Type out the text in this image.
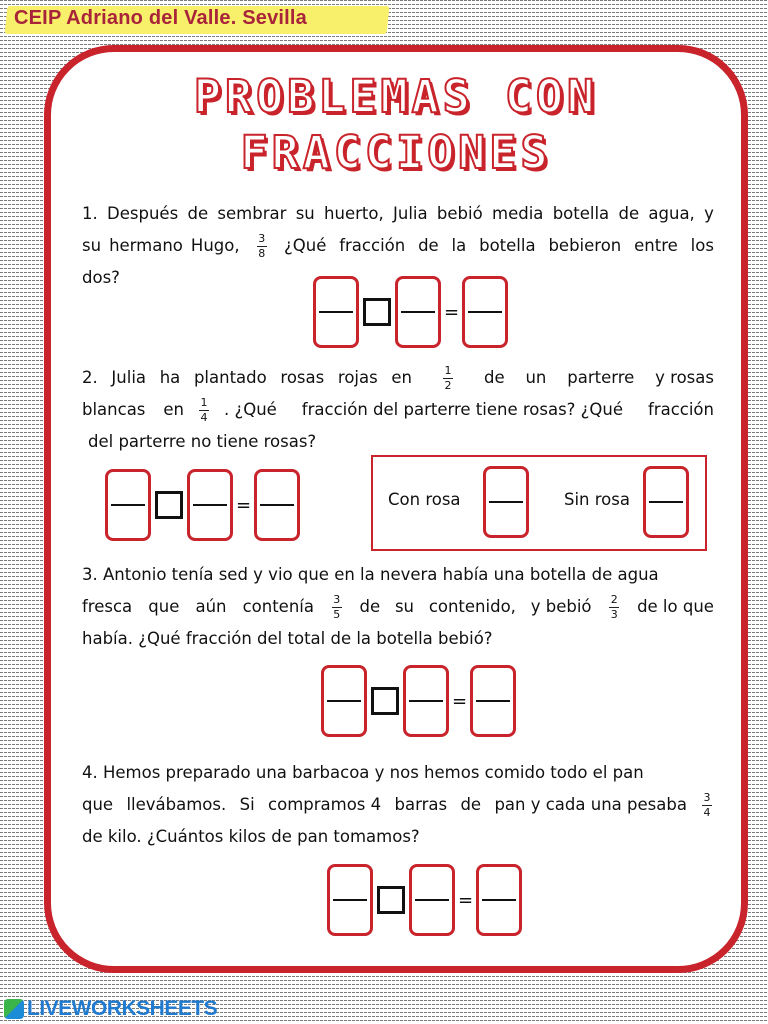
CEIP Adriano del Valle. Sevilla
PROBLEMAS CON
FRACCIONES
1. Después de sembrar su huerto, Julia bebió media botella de agua, y
su hermano Hugo, $\frac{3}{8}$ ¿Qué fracción de la botella bebieron entre los
dos?
=
2. Julia ha plantado rosas rojas en	$\frac{1}{2}$ de un parterre y rosas
blancas en $\frac{1}{4}$ . ¿Qué fracción del parterre tiene rosas? ¿Qué fracción
del parterre no tiene rosas?
=	Con rosa	Sin rosa
3. Antonio tenía sed y vio que en la nevera había una botella de agua
fresca que aún contenía $\frac{3}{5}$ de su contenido, y bebió $\frac{2}{3}$ de lo que
había. ¿Qué fracción del total de la botella bebió?
=
4. Hemos preparado una barbacoa y nos hemos comido todo el pan
que llevábamos. Si compramos 4 barras de pan y cada una pesaba $\frac{3}{4}$
de kilo. ¿Cuántos kilos de pan tomamos?
=
LIVEWORKSHEETS
